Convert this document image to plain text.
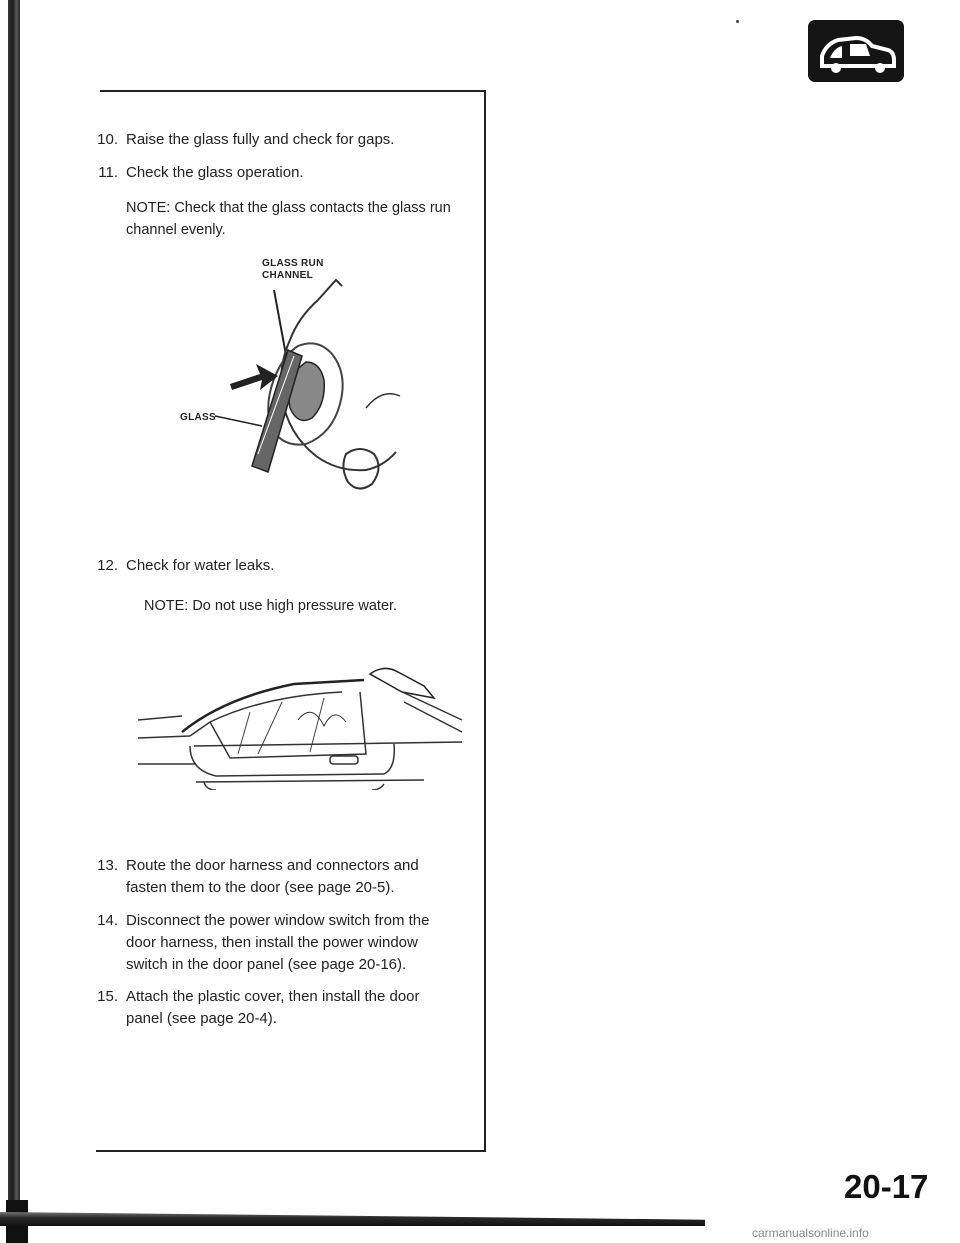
10. Raise the glass fully and check for gaps.
11. Check the glass operation.
NOTE: Check that the glass contacts the glass run channel evenly.
GLASS RUN
CHANNEL
GLASS
12. Check for water leaks.
NOTE: Do not use high pressure water.
13. Route the door harness and connectors and fasten them to the door (see page 20-5).
14. Disconnect the power window switch from the door harness, then install the power window switch in the door panel (see page 20-16).
15. Attach the plastic cover, then install the door panel (see page 20-4).
20-17
carmanualsonline.info
